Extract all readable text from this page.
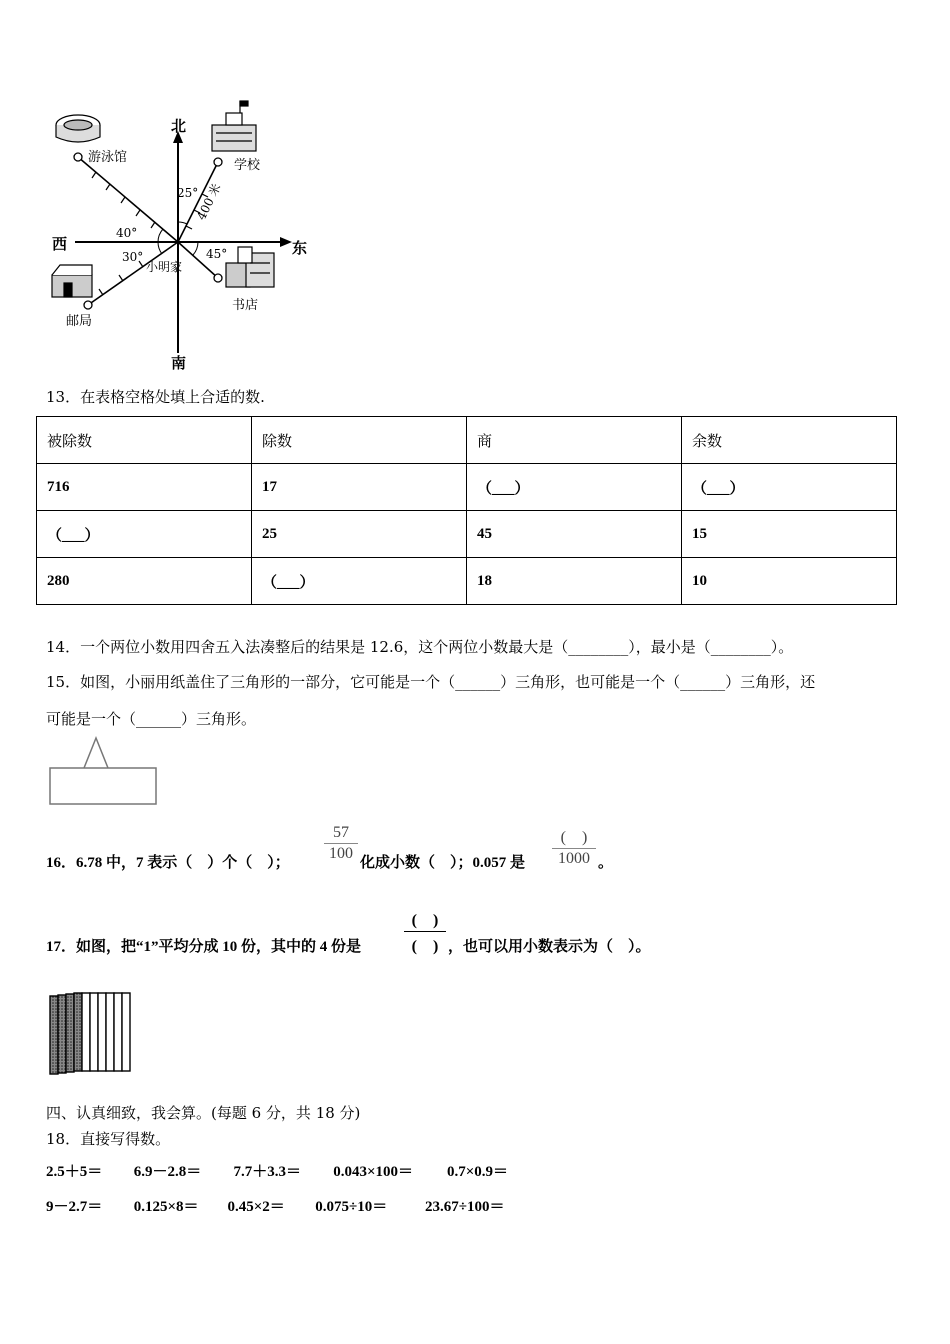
北
南
西	东
小明家
游泳馆
学校
邮局
书店
25°
400 米
40°
30°	45°
13．在表格空格处填上合适的数.
被除数	除数	商	余数
716	17	（___）	（___）
（___）	25	45	15
280	（___）	18	10
14．一个两位小数用四舍五入法凑整后的结果是 12.6，这个两位小数最大是（________），最小是（________）。
15．如图，小丽用纸盖住了三角形的一部分，它可能是一个（______）三角形，也可能是一个（______）三角形，还
可能是一个（______）三角形。
16．6.78 中，7 表示（　）个（　）；
57
100
化成小数（　）；0.057 是
(　)
1000 。
17．如图，把“1”平均分成 10 份，其中的 4 份是
(　)
(　) ，也可以用小数表示为（　）。
四、认真细致，我会算。(每题 6 分，共 18 分)
18．直接写得数。
2.5＋5＝ 6.9－2.8＝ 7.7＋3.3＝ 0.043×100＝ 0.7×0.9＝
9－2.7＝ 0.125×8＝ 0.45×2＝ 0.075÷10＝	23.67÷100＝
